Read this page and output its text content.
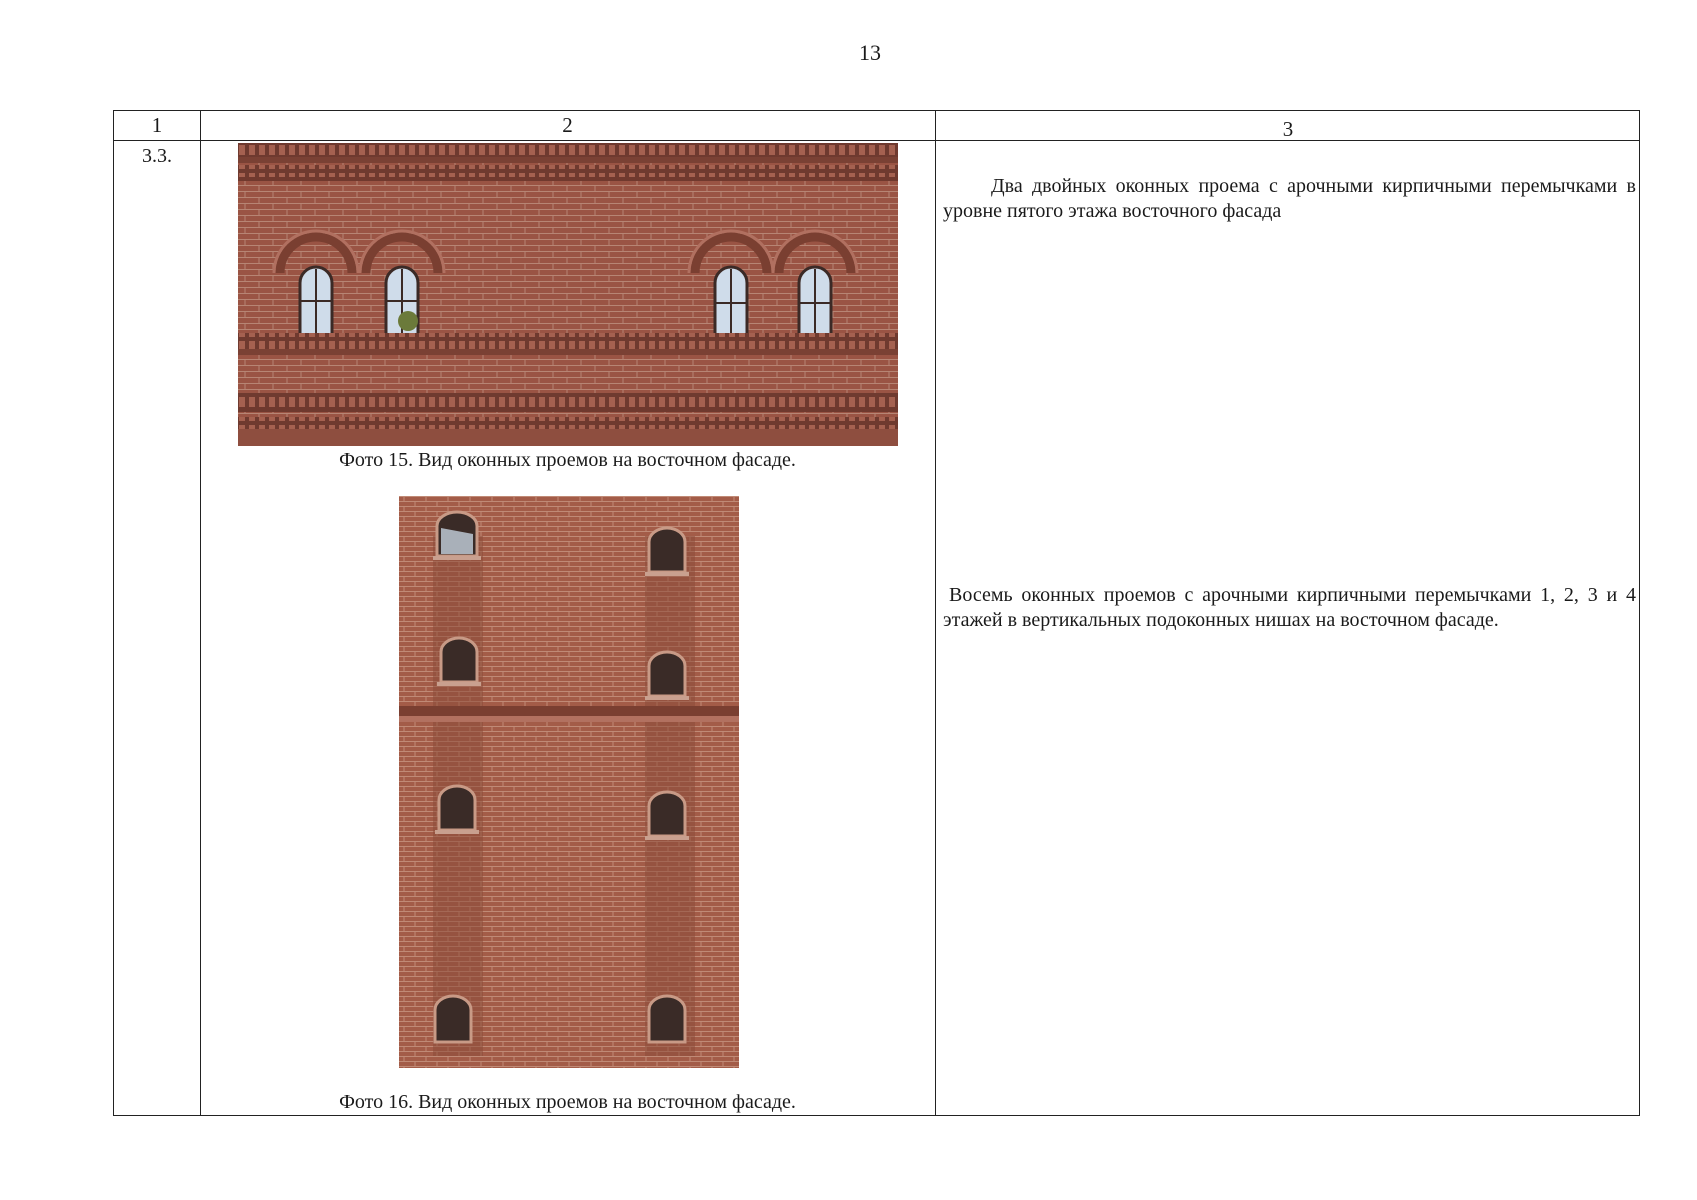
13
1	2	3
3.3.
Фото 15. Вид оконных проемов на восточном фасаде.
Фото 16. Вид оконных проемов на восточном фасаде.
Два двойных оконных проема с арочными кирпичными перемычками в уровне пятого этажа восточного фасада
Восемь оконных проемов с арочными кирпичными перемычками 1, 2, 3 и 4 этажей в вертикальных подоконных нишах на восточном фасаде.
